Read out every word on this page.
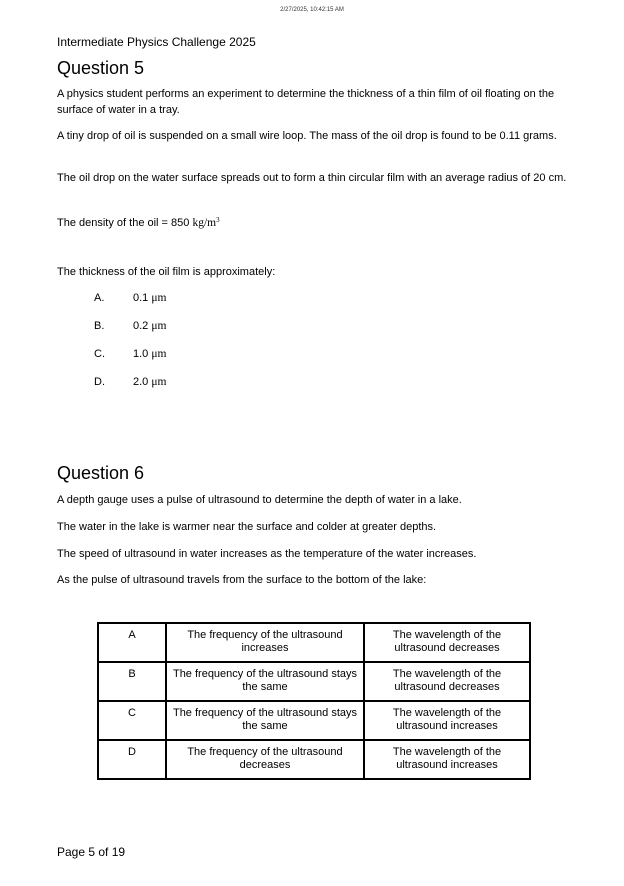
2/27/2025, 10:42:15 AM
Intermediate Physics Challenge 2025
Question 5
A physics student performs an experiment to determine the thickness of a thin film of oil floating on the surface of water in a tray.
A tiny drop of oil is suspended on a small wire loop. The mass of the oil drop is found to be 0.11 grams.
The oil drop on the water surface spreads out to form a thin circular film with an average radius of 20 cm.
The density of the oil = 850 $kg/m^3$
The thickness of the oil film is approximately:
A.	0.1
μm
B.	0.2
μm
C.	1.0
μm
D.	2.0
μm
Question 6
A depth gauge uses a pulse of ultrasound to determine the depth of water in a lake.
The water in the lake is warmer near the surface and colder at greater depths.
The speed of ultrasound in water increases as the temperature of the water increases.
As the pulse of ultrasound travels from the surface to the bottom of the lake:
A	The frequency of the ultrasound increases	The wavelength of the ultrasound decreases
B	The frequency of the ultrasound stays the same	The wavelength of the ultrasound decreases
C	The frequency of the ultrasound stays the same	The wavelength of the ultrasound increases
D	The frequency of the ultrasound decreases	The wavelength of the ultrasound increases
Page 5 of 19
